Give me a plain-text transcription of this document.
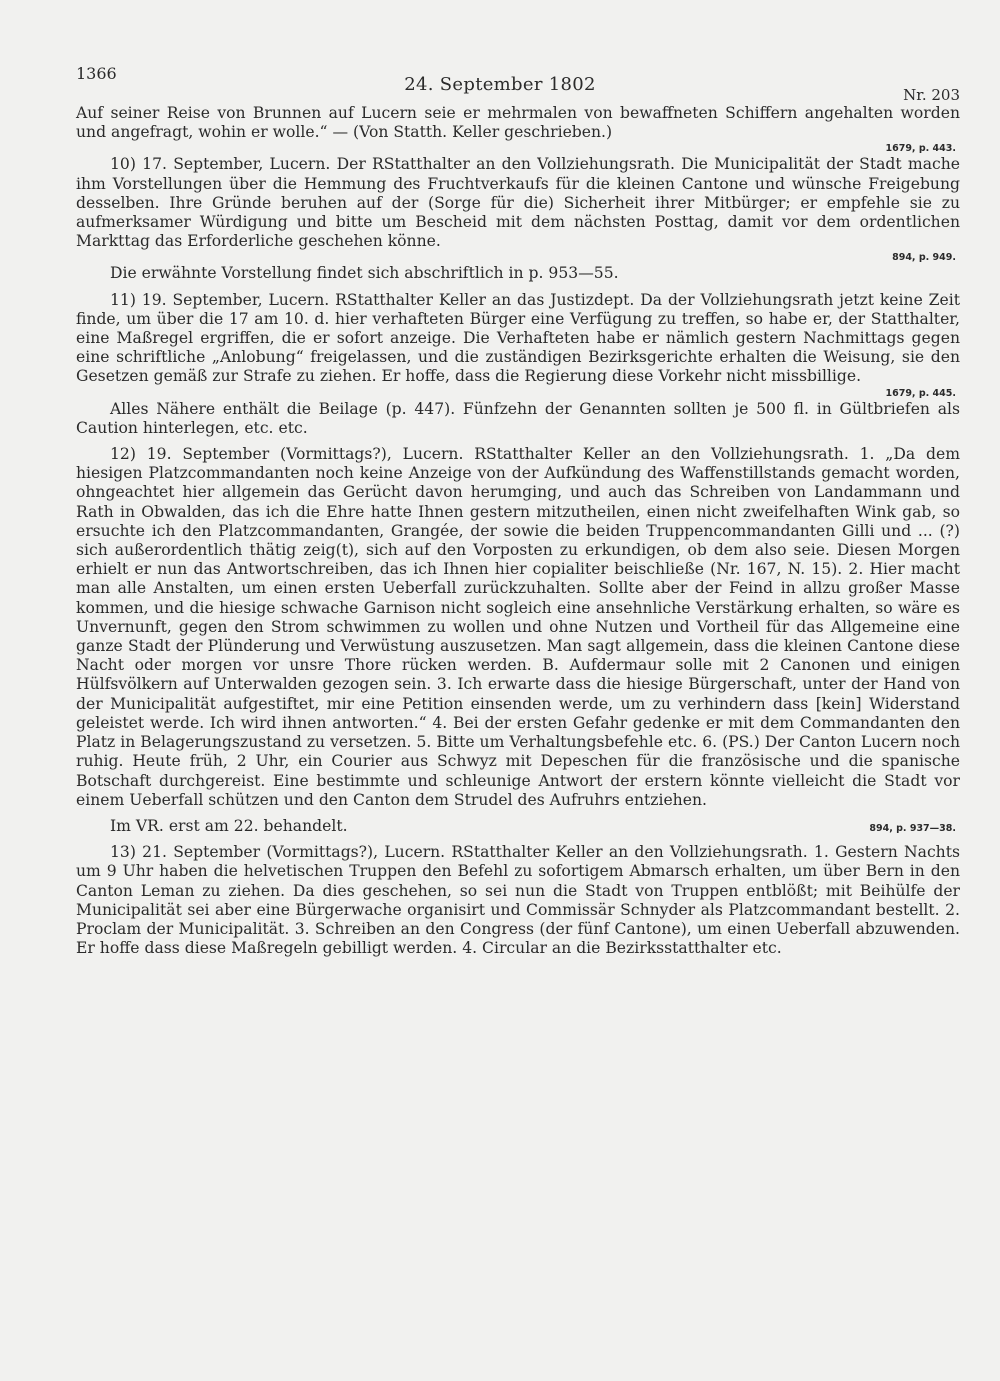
1366
24. September 1802	Nr. 203

Auf seiner Reise von Brunnen auf Lucern seie er mehrmalen von bewaffneten Schiffern angehalten worden und angefragt, wohin er wolle.“ — (Von Statth. Keller geschrieben.)

1679, p. 443.

10) 17. September, Lucern. Der RStatthalter an den Vollziehungsrath. Die Municipalität der Stadt mache ihm Vorstellungen über die Hemmung des Fruchtverkaufs für die kleinen Cantone und wünsche Freigebung desselben. Ihre Gründe beruhen auf der (Sorge für die) Sicherheit ihrer Mitbürger; er empfehle sie zu aufmerksamer Würdigung und bitte um Bescheid mit dem nächsten Posttag, damit vor dem ordentlichen Markttag das Erforderliche geschehen könne.

894, p. 949.

Die erwähnte Vorstellung findet sich abschriftlich in p. 953—55.

11) 19. September, Lucern. RStatthalter Keller an das Justizdept. Da der Vollziehungsrath jetzt keine Zeit finde, um über die 17 am 10. d. hier verhafteten Bürger eine Verfügung zu treffen, so habe er, der Statthalter, eine Maßregel ergriffen, die er sofort anzeige. Die Verhafteten habe er nämlich gestern Nachmittags gegen eine schriftliche „Anlobung“ freigelassen, und die zuständigen Bezirksgerichte erhalten die Weisung, sie den Gesetzen gemäß zur Strafe zu ziehen. Er hoffe, dass die Regierung diese Vorkehr nicht missbillige.

1679, p. 445.

Alles Nähere enthält die Beilage (p. 447). Fünfzehn der Genannten sollten je 500 fl. in Gültbriefen als Caution hinterlegen, etc. etc.

12) 19. September (Vormittags?), Lucern. RStatthalter Keller an den Vollziehungsrath. 1. „Da dem hiesigen Platzcommandanten noch keine Anzeige von der Aufkündung des Waffenstillstands gemacht worden, ohngeachtet hier allgemein das Gerücht davon herumging, und auch das Schreiben von Landammann und Rath in Obwalden, das ich die Ehre hatte Ihnen gestern mitzutheilen, einen nicht zweifelhaften Wink gab, so ersuchte ich den Platzcommandanten, Grangée, der sowie die beiden Truppencommandanten Gilli und ... (?) sich außerordentlich thätig zeig(t), sich auf den Vorposten zu erkundigen, ob dem also seie. Diesen Morgen erhielt er nun das Antwortschreiben, das ich Ihnen hier copialiter beischließe (Nr. 167, N. 15). 2. Hier macht man alle Anstalten, um einen ersten Ueberfall zurückzuhalten. Sollte aber der Feind in allzu großer Masse kommen, und die hiesige schwache Garnison nicht sogleich eine ansehnliche Verstärkung erhalten, so wäre es Unvernunft, gegen den Strom schwimmen zu wollen und ohne Nutzen und Vortheil für das Allgemeine eine ganze Stadt der Plünderung und Verwüstung auszusetzen. Man sagt allgemein, dass die kleinen Cantone diese Nacht oder morgen vor unsre Thore rücken werden. B. Aufdermaur solle mit 2 Canonen und einigen Hülfsvölkern auf Unterwalden gezogen sein. 3. Ich erwarte dass die hiesige Bürgerschaft, unter der Hand von der Municipalität aufgestiftet, mir eine Petition einsenden werde, um zu verhindern dass [kein] Widerstand geleistet werde. Ich wird ihnen antworten.“ 4. Bei der ersten Gefahr gedenke er mit dem Commandanten den Platz in Belagerungszustand zu versetzen. 5. Bitte um Verhaltungsbefehle etc. 6. (PS.) Der Canton Lucern noch ruhig. Heute früh, 2 Uhr, ein Courier aus Schwyz mit Depeschen für die französische und die spanische Botschaft durchgereist. Eine bestimmte und schleunige Antwort der erstern könnte vielleicht die Stadt vor einem Ueberfall schützen und den Canton dem Strudel des Aufruhrs entziehen.

Im VR. erst am 22. behandelt.	894, p. 937—38.

13) 21. September (Vormittags?), Lucern. RStatthalter Keller an den Vollziehungsrath. 1. Gestern Nachts um 9 Uhr haben die helvetischen Truppen den Befehl zu sofortigem Abmarsch erhalten, um über Bern in den Canton Leman zu ziehen. Da dies geschehen, so sei nun die Stadt von Truppen entblößt; mit Beihülfe der Municipalität sei aber eine Bürgerwache organisirt und Commissär Schnyder als Platzcommandant bestellt. 2. Proclam der Municipalität. 3. Schreiben an den Congress (der fünf Cantone), um einen Ueberfall abzuwenden. Er hoffe dass diese Maßregeln gebilligt werden. 4. Circular an die Bezirksstatthalter etc.
